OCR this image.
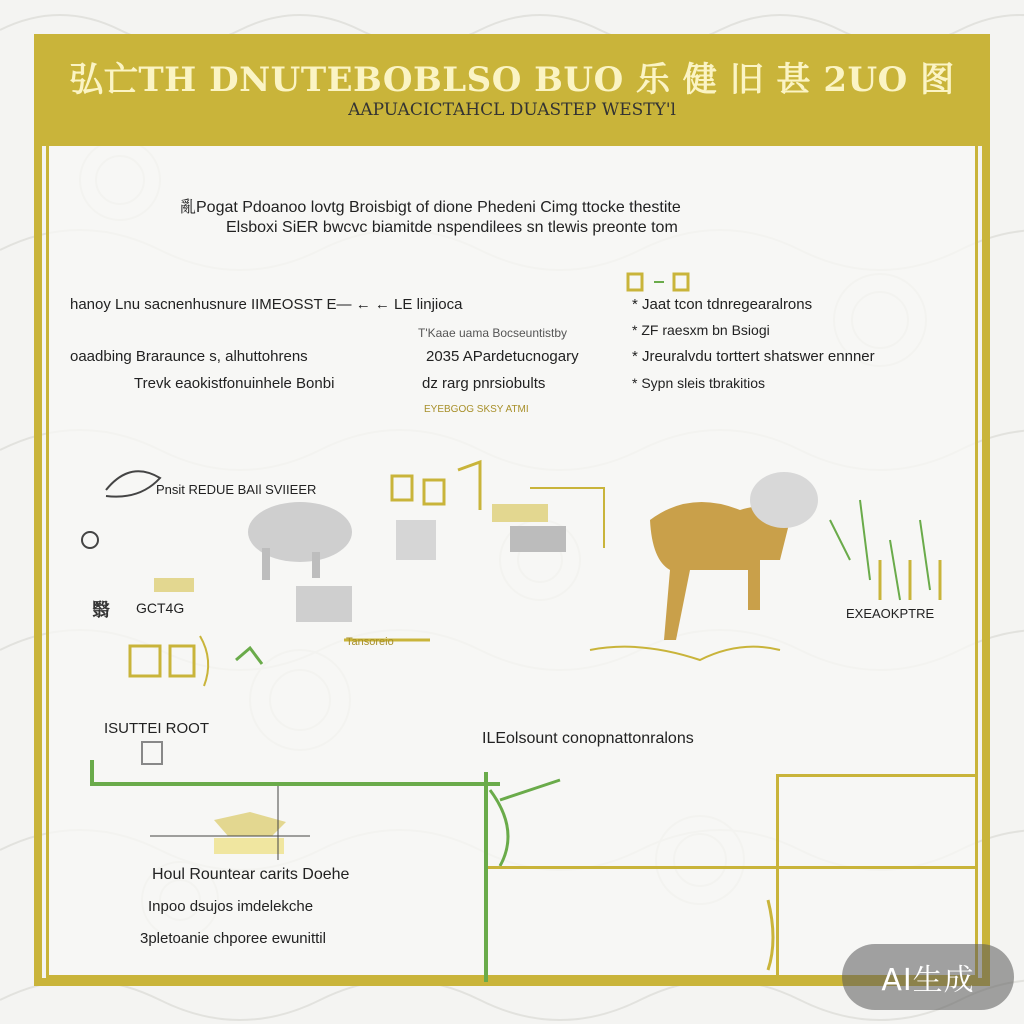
弘亡TH DNUTEBOBLSO BUO 乐 健 旧 甚 2UO 图
AAPUACICTAHCL DUASTEP WESTY'l
亂Pogat Pdoanoo lovtg Broisbigt of dione Phedeni Cimg ttocke thestite
Elsboxi SiER bwcvc biamitde nspendilees sn tlewis preonte tom
hanoy Lnu sacnenhusnure IIMEOSST E— ← ← LE linjioca
T'Kaae uama Bocseuntistby
oaadbing Braraunce s, alhuttohrens
Trevk eaokistfonuinhele Bonbi
2035 APardetucnogary
dz rarg pnrsiobults
EYEBGOG SKSY ATMI
* Jaat tcon tdnregearalrons
* ZF raesxm bn Bsiogi
* Jreuralvdu torttert shatswer ennner
* Sypn sleis tbrakitios
Pnsit REDUE BAIl SVIIEER
翳 GCT4G	EXEAOKPTRE
ISUTTEI ROOT
Tansoreio
ILEolsount conopnattonralons
Houl Rountear carits Doehe
Inpoo dsujos imdelekche
3pletoanie chporee ewunittil
AI生成
